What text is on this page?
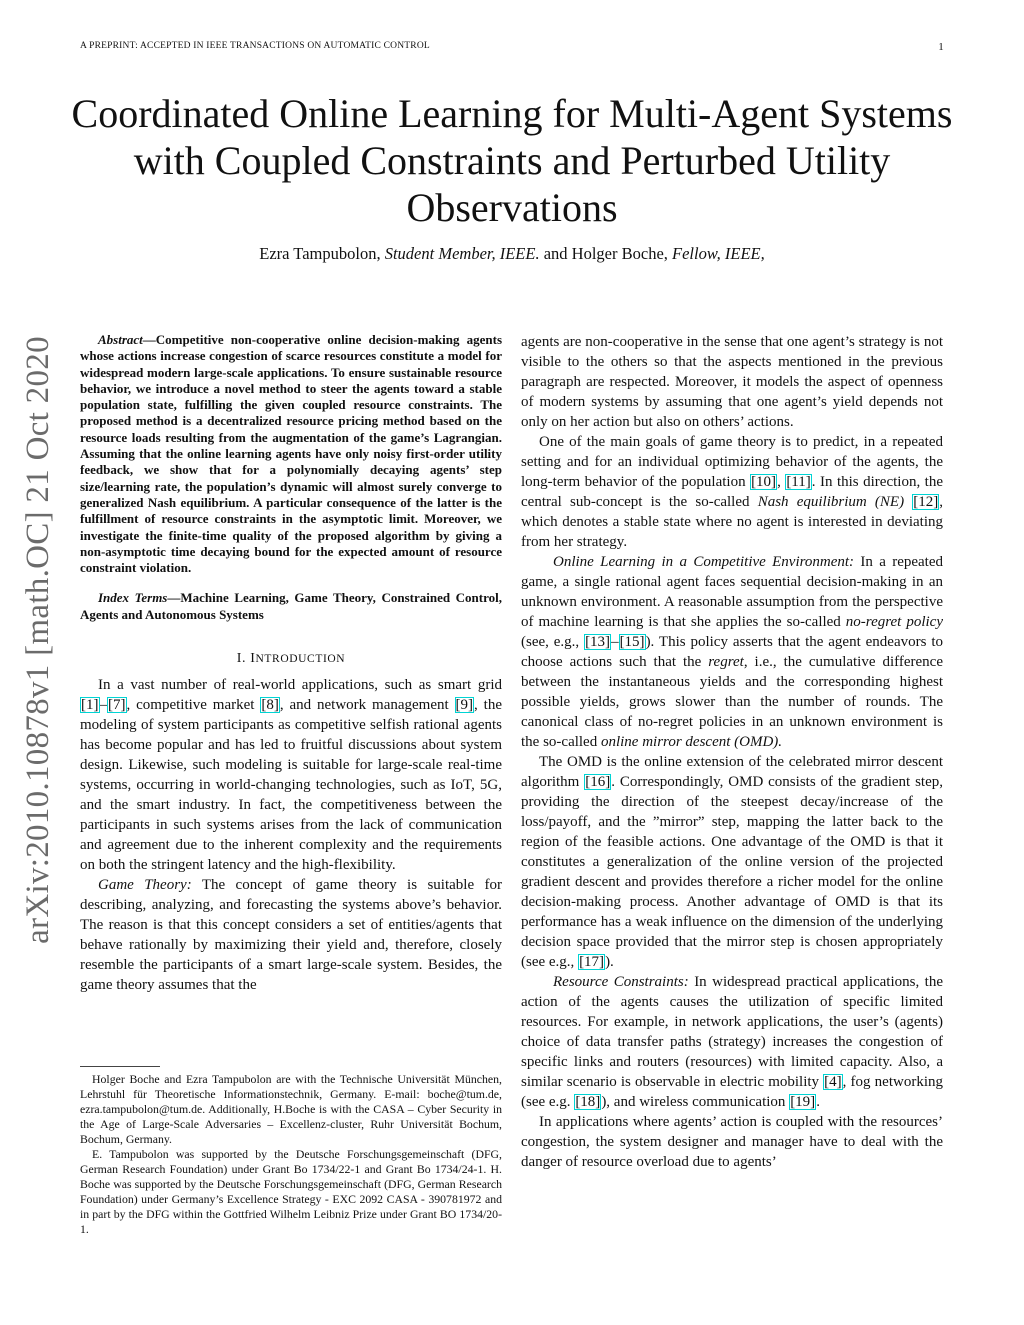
A PREPRINT: ACCEPTED IN IEEE TRANSACTIONS ON AUTOMATIC CONTROL	1
Coordinated Online Learning for Multi-Agent Systems with Coupled Constraints and Perturbed Utility Observations
Ezra Tampubolon, Student Member, IEEE. and Holger Boche, Fellow, IEEE,
arXiv:2010.10878v1 [math.OC] 21 Oct 2020	Abstract—Competitive non-cooperative online decision-making agents whose actions increase congestion of scarce resources constitute a model for widespread modern large-scale applications. To ensure sustainable resource behavior, we introduce a novel method to steer the agents toward a stable population state, fulfilling the given coupled resource constraints. The proposed method is a decentralized resource pricing method based on the resource loads resulting from the augmentation of the game’s Lagrangian. Assuming that the online learning agents have only noisy first-order utility feedback, we show that for a polynomially decaying agents’ step size/learning rate, the population’s dynamic will almost surely converge to generalized Nash equilibrium. A particular consequence of the latter is the fulfillment of resource constraints in the asymptotic limit. Moreover, we investigate the finite-time quality of the proposed algorithm by giving a non-asymptotic time decaying bound for the expected amount of resource constraint violation.

Index Terms—Machine Learning, Game Theory, Constrained Control, Agents and Autonomous Systems

I. INTRODUCTION

In a vast number of real-world applications, such as smart grid [1]–[7], competitive market [8], and network management [9], the modeling of system participants as competitive selfish rational agents has become popular and has led to fruitful discussions about system design. Likewise, such modeling is suitable for large-scale real-time systems, occurring in world-changing technologies, such as IoT, 5G, and the smart industry. In fact, the competitiveness between the participants in such systems arises from the lack of communication and agreement due to the inherent complexity and the requirements on both the stringent latency and the high-flexibility.

Game Theory: The concept of game theory is suitable for describing, analyzing, and forecasting the systems above’s behavior. The reason is that this concept considers a set of entities/agents that behave rationally by maximizing their yield and, therefore, closely resemble the participants of a smart large-scale system. Besides, the game theory assumes that the

Holger Boche and Ezra Tampubolon are with the Technische Universität München, Lehrstuhl für Theoretische Informationstechnik, Germany. E-mail: boche@tum.de, ezra.tampubolon@tum.de. Additionally, H.Boche is with the CASA – Cyber Security in the Age of Large-Scale Adversaries – Excellenz-cluster, Ruhr Universität Bochum, Bochum, Germany.

E. Tampubolon was supported by the Deutsche Forschungsgemeinschaft (DFG, German Research Foundation) under Grant Bo 1734/22-1 and Grant Bo 1734/24-1. H. Boche was supported by the Deutsche Forschungsgemeinschaft (DFG, German Research Foundation) under Germany’s Excellence Strategy - EXC 2092 CASA - 390781972 and in part by the DFG within the Gottfried Wilhelm Leibniz Prize under Grant BO 1734/20-1.

agents are non-cooperative in the sense that one agent’s strategy is not visible to the others so that the aspects mentioned in the previous paragraph are respected. Moreover, it models the aspect of openness of modern systems by assuming that one agent’s yield depends not only on her action but also on others’ actions.

One of the main goals of game theory is to predict, in a repeated setting and for an individual optimizing behavior of the agents, the long-term behavior of the population [10], [11]. In this direction, the central sub-concept is the so-called Nash equilibrium (NE) [12], which denotes a stable state where no agent is interested in deviating from her strategy.

Online Learning in a Competitive Environment: In a repeated game, a single rational agent faces sequential decision-making in an unknown environment. A reasonable assumption from the perspective of machine learning is that she applies the so-called no-regret policy (see, e.g., [13]–[15]). This policy asserts that the agent endeavors to choose actions such that the regret, i.e., the cumulative difference between the instantaneous yields and the corresponding highest possible yields, grows slower than the number of rounds. The canonical class of no-regret policies in an unknown environment is the so-called online mirror descent (OMD).

The OMD is the online extension of the celebrated mirror descent algorithm [16]. Correspondingly, OMD consists of the gradient step, providing the direction of the steepest decay/increase of the loss/payoff, and the ”mirror” step, mapping the latter back to the region of the feasible actions. One advantage of the OMD is that it constitutes a generalization of the online version of the projected gradient descent and provides therefore a richer model for the online decision-making process. Another advantage of OMD is that its performance has a weak influence on the dimension of the underlying decision space provided that the mirror step is chosen appropriately (see e.g., [17]).

Resource Constraints: In widespread practical applications, the action of the agents causes the utilization of specific limited resources. For example, in network applications, the user’s (agents) choice of data transfer paths (strategy) increases the congestion of specific links and routers (resources) with limited capacity. Also, a similar scenario is observable in electric mobility [4], fog networking (see e.g. [18]), and wireless communication [19].

In applications where agents’ action is coupled with the resources’ congestion, the system designer and manager have to deal with the danger of resource overload due to agents’
